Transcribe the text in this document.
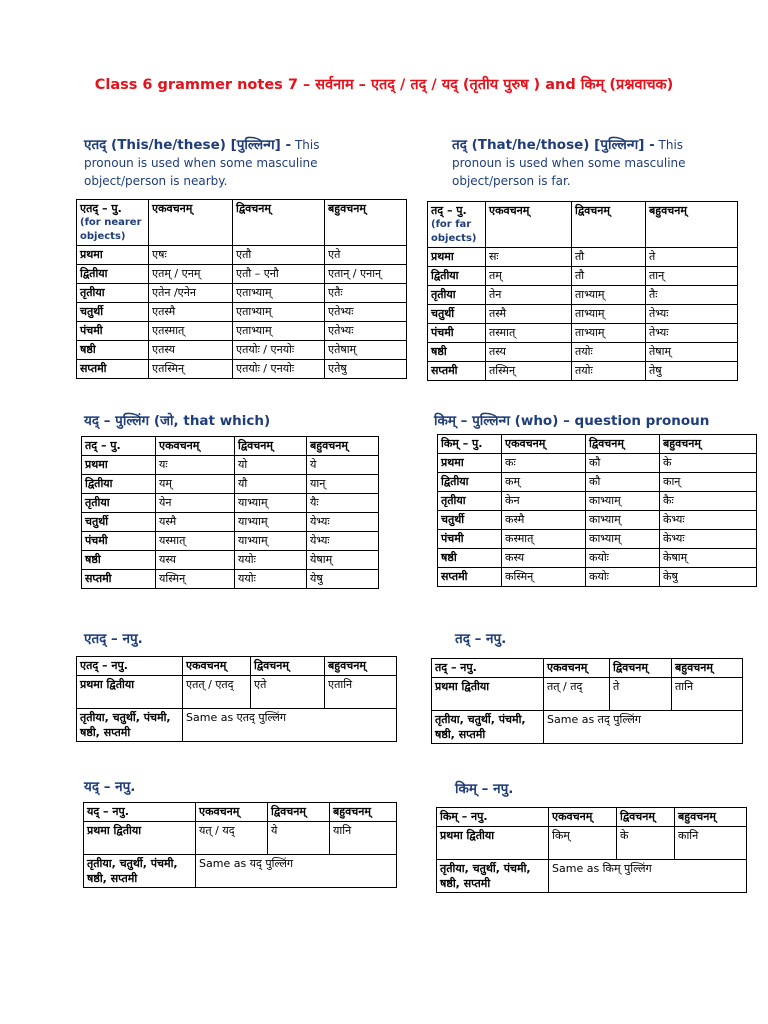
Class 6 grammer notes 7 – सर्वनाम – एतद् / तद् / यद् (तृतीय पुरुष ) and किम् (प्रश्नवाचक)
एतद् (This/he/these) [पुल्लिन्ग] - This
pronoun is used when some masculine
object/person is nearby.
एतद् – पु.
(for nearer objects)	एकवचनम्	द्विवचनम्	बहुवचनम्
प्रथमा	एषः	एतौ	एते
द्वितीया	एतम् / एनम्	एतौ – एनौ	एतान् / एनान्
तृतीया	एतेन /एनेन	एताभ्याम्	एतैः
चतुर्थी	एतस्मै	एताभ्याम्	एतेभ्यः
पंचमी	एतस्मात्	एताभ्याम्	एतेभ्यः
षष्ठी	एतस्य	एतयोः / एनयोः	एतेषाम्
सप्तमी	एतस्मिन्	एतयोः / एनयोः	एतेषु
तद् (That/he/those) [पुल्लिन्ग] - This
pronoun is used when some masculine
object/person is far.
तद् – पु.
(for far objects)	एकवचनम्	द्विवचनम्	बहुवचनम्
प्रथमा	सः	तौ	ते
द्वितीया	तम्	तौ	तान्
तृतीया	तेन	ताभ्याम्	तैः
चतुर्थी	तस्मै	ताभ्याम्	तेभ्यः
पंचमी	तस्मात्	ताभ्याम्	तेभ्यः
षष्ठी	तस्य	तयोः	तेषाम्
सप्तमी	तस्मिन्	तयोः	तेषु
यद् – पुल्लिंग (जो, that which)
तद् – पु.	एकवचनम्	द्विवचनम्	बहुवचनम्
प्रथमा	यः	यो	ये
द्वितीया	यम्	यौ	यान्
तृतीया	येन	याभ्याम्	यैः
चतुर्थी	यस्मै	याभ्याम्	येभ्यः
पंचमी	यस्मात्	याभ्याम्	येभ्यः
षष्ठी	यस्य	ययोः	येषाम्
सप्तमी	यस्मिन्	ययोः	येषु
किम् – पुल्लिन्ग (who) – question pronoun
किम् – पु.	एकवचनम्	द्विवचनम्	बहुवचनम्
प्रथमा	कः	कौ	के
द्वितीया	कम्	कौ	कान्
तृतीया	केन	काभ्याम्	कैः
चतुर्थी	कस्मै	काभ्याम्	केभ्यः
पंचमी	कस्मात्	काभ्याम्	केभ्यः
षष्ठी	कस्य	कयोः	केषाम्
सप्तमी	कस्मिन्	कयोः	केषु
एतद् – नपु.
एतद् – नपु.	एकवचनम्	द्विवचनम्	बहुवचनम्
प्रथमा द्वितीया	एतत् / एतद्	एते	एतानि
तृतीया, चतुर्थी, पंचमी, षष्ठी, सप्तमी	Same as एतद् पुल्लिंग		
तद् – नपु.
तद् – नपु.	एकवचनम्	द्विवचनम्	बहुवचनम्
प्रथमा द्वितीया	तत् / तद्	ते	तानि
तृतीया, चतुर्थी, पंचमी, षष्ठी, सप्तमी	Same as तद् पुल्लिंग		
यद् – नपु.
यद् – नपु.	एकवचनम्	द्विवचनम्	बहुवचनम्
प्रथमा द्वितीया	यत् / यद्	ये	यानि
तृतीया, चतुर्थी, पंचमी, षष्ठी, सप्तमी	Same as यद् पुल्लिंग		
किम् – नपु.
किम् – नपु.	एकवचनम्	द्विवचनम्	बहुवचनम्
प्रथमा द्वितीया	किम्	के	कानि
तृतीया, चतुर्थी, पंचमी, षष्ठी, सप्तमी	Same as किम् पुल्लिंग		
